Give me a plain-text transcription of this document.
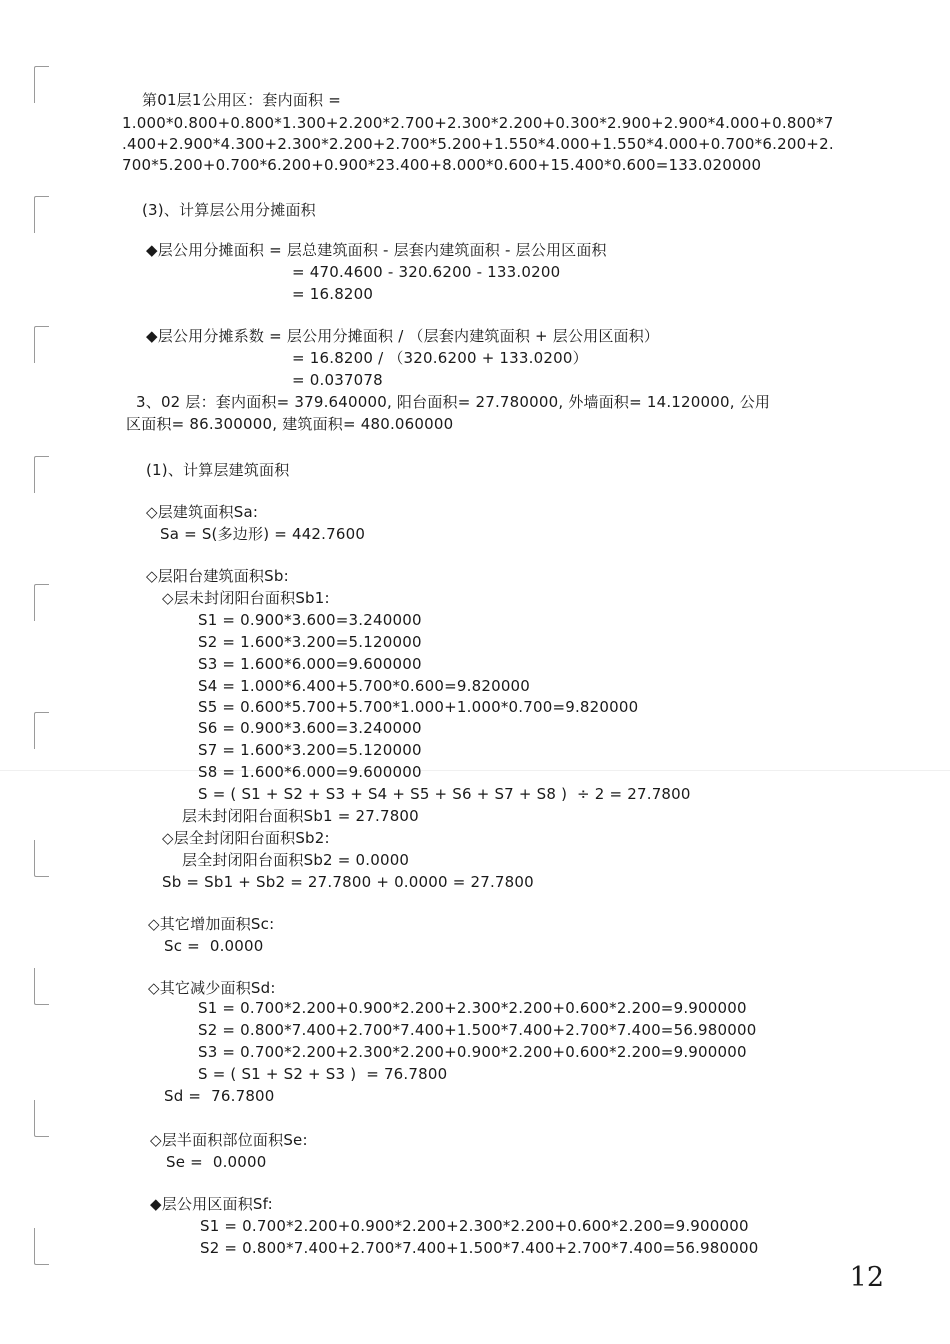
第01层1公用区：套内面积 =
1.000*0.800+0.800*1.300+2.200*2.700+2.300*2.200+0.300*2.900+2.900*4.000+0.800*7
.400+2.900*4.300+2.300*2.200+2.700*5.200+1.550*4.000+1.550*4.000+0.700*6.200+2.
700*5.200+0.700*6.200+0.900*23.400+8.000*0.600+15.400*0.600=133.020000
(3)、计算层公用分摊面积
◆层公用分摊面积 = 层总建筑面积 - 层套内建筑面积 - 层公用区面积
= 470.4600 - 320.6200 - 133.0200
= 16.8200
◆层公用分摊系数 = 层公用分摊面积 / （层套内建筑面积 + 层公用区面积）
= 16.8200 / （320.6200 + 133.0200）
= 0.037078
3、02 层：套内面积= 379.640000, 阳台面积= 27.780000, 外墙面积= 14.120000, 公用
区面积= 86.300000, 建筑面积= 480.060000
(1)、计算层建筑面积
◇层建筑面积Sa:
Sa = S(多边形) = 442.7600
◇层阳台建筑面积Sb:
◇层未封闭阳台面积Sb1:
S1 = 0.900*3.600=3.240000
S2 = 1.600*3.200=5.120000
S3 = 1.600*6.000=9.600000
S4 = 1.000*6.400+5.700*0.600=9.820000
S5 = 0.600*5.700+5.700*1.000+1.000*0.700=9.820000
S6 = 0.900*3.600=3.240000
S7 = 1.600*3.200=5.120000
S8 = 1.600*6.000=9.600000
S = ( S1 + S2 + S3 + S4 + S5 + S6 + S7 + S8 )  ÷ 2 = 27.7800
层未封闭阳台面积Sb1 = 27.7800
◇层全封闭阳台面积Sb2:
层全封闭阳台面积Sb2 = 0.0000
Sb = Sb1 + Sb2 = 27.7800 + 0.0000 = 27.7800
◇其它增加面积Sc:
Sc =  0.0000
◇其它减少面积Sd:
S1 = 0.700*2.200+0.900*2.200+2.300*2.200+0.600*2.200=9.900000
S2 = 0.800*7.400+2.700*7.400+1.500*7.400+2.700*7.400=56.980000
S3 = 0.700*2.200+2.300*2.200+0.900*2.200+0.600*2.200=9.900000
S = ( S1 + S2 + S3 )  = 76.7800
Sd =  76.7800
◇层半面积部位面积Se:
Se =  0.0000
◆层公用区面积Sf:
S1 = 0.700*2.200+0.900*2.200+2.300*2.200+0.600*2.200=9.900000
S2 = 0.800*7.400+2.700*7.400+1.500*7.400+2.700*7.400=56.980000
12
